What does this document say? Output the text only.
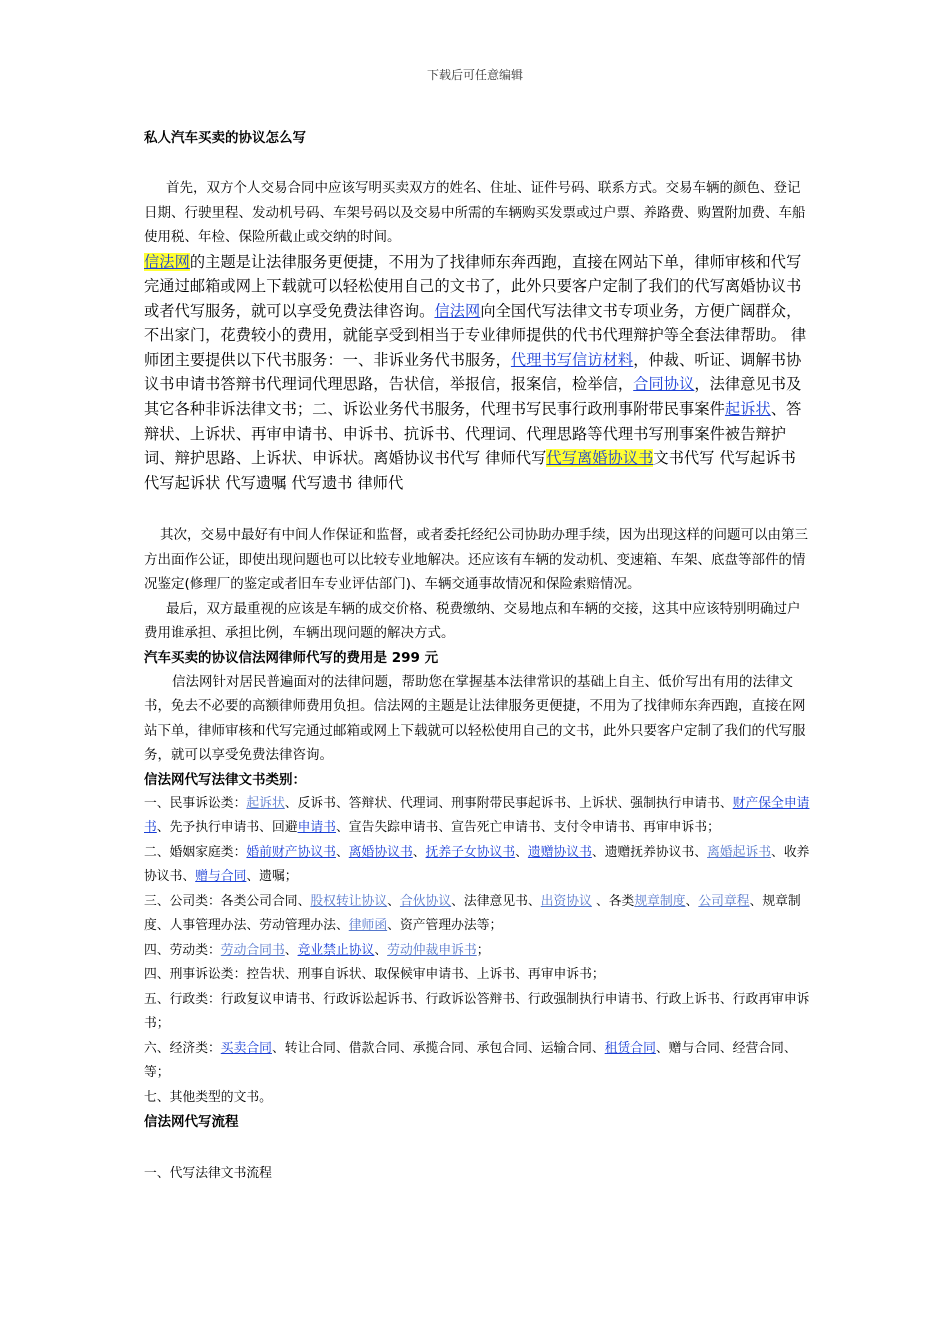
下载后可任意编辑
私人汽车买卖的协议怎么写

首先，双方个人交易合同中应该写明买卖双方的姓名、住址、证件号码、联系方式。交易车辆的颜色、登记日期、行驶里程、发动机号码、车架号码以及交易中所需的车辆购买发票或过户票、养路费、购置附加费、车船使用税、年检、保险所截止或交纳的时间。

信法网的主题是让法律服务更便捷，不用为了找律师东奔西跑，直接在网站下单，律师审核和代写完通过邮箱或网上下载就可以轻松使用自己的文书了，此外只要客户定制了我们的代写离婚协议书或者代写服务，就可以享受免费法律咨询。信法网向全国代写法律文书专项业务，方便广阔群众，不出家门，花费较小的费用，就能享受到相当于专业律师提供的代书代理辩护等全套法律帮助。 律师团主要提供以下代书服务：一、非诉业务代书服务，代理书写信访材料，仲裁、听证、调解书协议书申请书答辩书代理词代理思路，告状信，举报信，报案信，检举信，合同协议，法律意见书及其它各种非诉法律文书；二、诉讼业务代书服务，代理书写民事行政刑事附带民事案件起诉状、答辩状、上诉状、再审申请书、申诉书、抗诉书、代理词、代理思路等代理书写刑事案件被告辩护词、辩护思路、上诉状、申诉状。离婚协议书代写 律师代写代写离婚协议书文书代写 代写起诉书 代写起诉状 代写遗嘱 代写遗书 律师代

其次，交易中最好有中间人作保证和监督，或者委托经纪公司协助办理手续，因为出现这样的问题可以由第三方出面作公证，即使出现问题也可以比较专业地解决。还应该有车辆的发动机、变速箱、车架、底盘等部件的情况鉴定(修理厂的鉴定或者旧车专业评估部门)、车辆交通事故情况和保险索赔情况。

最后，双方最重视的应该是车辆的成交价格、税费缴纳、交易地点和车辆的交接，这其中应该特别明确过户费用谁承担、承担比例，车辆出现问题的解决方式。

汽车买卖的协议信法网律师代写的费用是 299 元

信法网针对居民普遍面对的法律问题，帮助您在掌握基本法律常识的基础上自主、低价写出有用的法律文书，免去不必要的高额律师费用负担。信法网的主题是让法律服务更便捷，不用为了找律师东奔西跑，直接在网站下单，律师审核和代写完通过邮箱或网上下载就可以轻松使用自己的文书，此外只要客户定制了我们的代写服务，就可以享受免费法律咨询。

信法网代写法律文书类别：

一、民事诉讼类：起诉状、反诉书、答辩状、代理词、刑事附带民事起诉书、上诉状、强制执行申请书、财产保全申请书、先予执行申请书、回避申请书、宣告失踪申请书、宣告死亡申请书、支付令申请书、再审申诉书；

二、婚姻家庭类：婚前财产协议书、离婚协议书、抚养子女协议书、遗赠协议书、遗赠抚养协议书、离婚起诉书、收养协议书、赠与合同、遗嘱；

三、公司类：各类公司合同、股权转让协议、合伙协议、法律意见书、出资协议 、各类规章制度、公司章程、规章制度、人事管理办法、劳动管理办法、律师函、资产管理办法等；

四、劳动类：劳动合同书、竞业禁止协议、劳动仲裁申诉书；

四、刑事诉讼类：控告状、刑事自诉状、取保候审申请书、上诉书、再审申诉书；

五、行政类：行政复议申请书、行政诉讼起诉书、行政诉讼答辩书、行政强制执行申请书、行政上诉书、行政再审申诉书；

六、经济类：买卖合同、转让合同、借款合同、承揽合同、承包合同、运输合同、租赁合同、赠与合同、经营合同、等；

七、其他类型的文书。

信法网代写流程

一、代写法律文书流程
